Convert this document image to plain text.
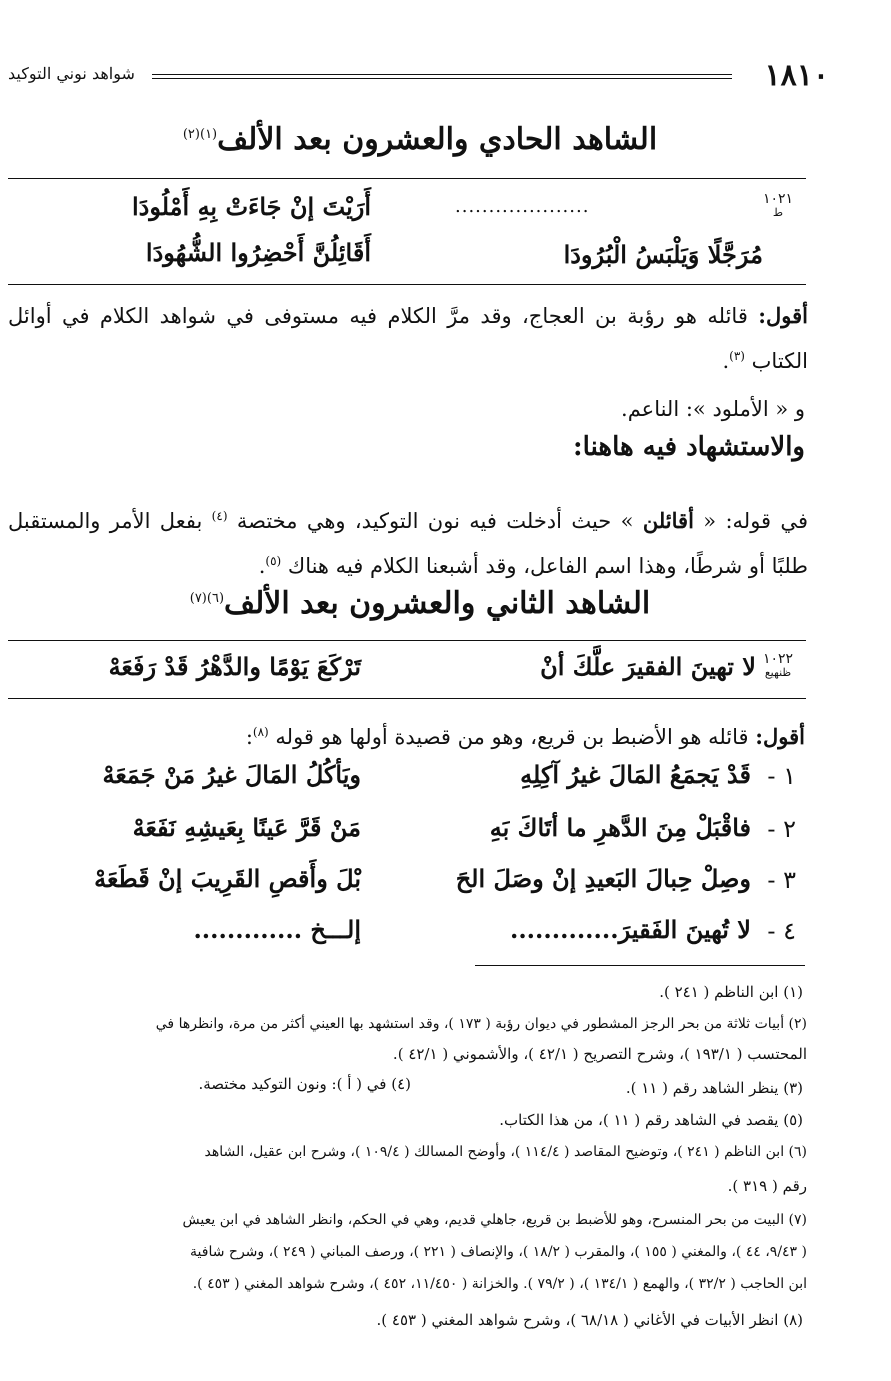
١٨١٠
شواهد نوني التوكيد
الشاهد الحادي والعشرون بعد الألف$^{(١)(٢)}$
١٠٢١
ط
أَرَيْتَ إنْ جَاءَتْ بِهِ أَمْلُودَا	....................
أَقَائِلُنَّ أَحْضِرُوا الشُّهُودَا	مُرَجَّلًا وَيَلْبَسُ الْبُرُودَا
أقول: قائله هو رؤبة بن العجاج، وقد مرَّ الكلام فيه مستوفى في شواهد الكلام في أوائل الكتاب $^{(٣)}$.
و « الأملود »: الناعم.
والاستشهاد فيه هاهنا:
في قوله: « أقائلن » حيث أدخلت فيه نون التوكيد، وهي مختصة $^{(٤)}$ بفعل الأمر والمستقبل طلبًا أو شرطًا، وهذا اسم الفاعل، وقد أشبعنا الكلام فيه هناك $^{(٥)}$.
الشاهد الثاني والعشرون بعد الألف$^{(٦)(٧)}$
١٠٢٢
ظنهيع
لا تهينَ الفقيرَ علَّكَ أنْ
تَرْكَعَ يَوْمًا والدَّهْرُ قَدْ رَفَعَهْ
أقول: قائله هو الأضبط بن قريع، وهو من قصيدة أولها هو قوله $^{(٨)}$:
١ -
قَدْ يَجمَعُ المَالَ غيرُ آكِلِهِ
ويَأكُلُ المَالَ غيرُ مَنْ جَمَعَهْ
٢ -
فاقْبَلْ مِنَ الدَّهرِ ما أتَاكَ بَهِ
مَنْ قَرَّ عَينًا بِعَيشِهِ نَفَعَهْ
٣ -
وصِلْ حِبالَ البَعيدِ إنْ وصَلَ الحَ
بْلَ وأَقصِ القَرِيبَ إنْ قَطَعَهْ
٤ -
لا تُهينَ الفَقيرَ.............
إلـــخ .............
(١) ابن الناظم ( ٢٤١ ).
(٢) أبيات ثلاثة من بحر الرجز المشطور في ديوان رؤبة ( ١٧٣ )، وقد استشهد بها العيني أكثر من مرة، وانظرها في
المحتسب ( ١٩٣/١ )، وشرح التصريح ( ٤٢/١ )، والأشموني ( ٤٢/١ ).
(٣) ينظر الشاهد رقم ( ١١ ).
(٤) في ( أ ): ونون التوكيد مختصة.
(٥) يقصد في الشاهد رقم ( ١١ )، من هذا الكتاب.
(٦) ابن الناظم ( ٢٤١ )، وتوضيح المقاصد ( ١١٤/٤ )، وأوضح المسالك ( ١٠٩/٤ )، وشرح ابن عقيل، الشاهد
رقم ( ٣١٩ ).
(٧) البيت من بحر المنسرح، وهو للأضبط بن قريع، جاهلي قديم، وهي في الحكم، وانظر الشاهد في ابن يعيش
( ٩/٤٣، ٤٤ )، والمغني ( ١٥٥ )، والمقرب ( ١٨/٢ )، والإنصاف ( ٢٢١ )، ورصف المباني ( ٢٤٩ )، وشرح شافية
ابن الحاجب ( ٣٢/٢ )، والهمع ( ١٣٤/١ )، ( ٧٩/٢ ). والخزانة ( ١١/٤٥٠، ٤٥٢ )، وشرح شواهد المغني ( ٤٥٣ ).
(٨) انظر الأبيات في الأغاني ( ٦٨/١٨ )، وشرح شواهد المغني ( ٤٥٣ ).
